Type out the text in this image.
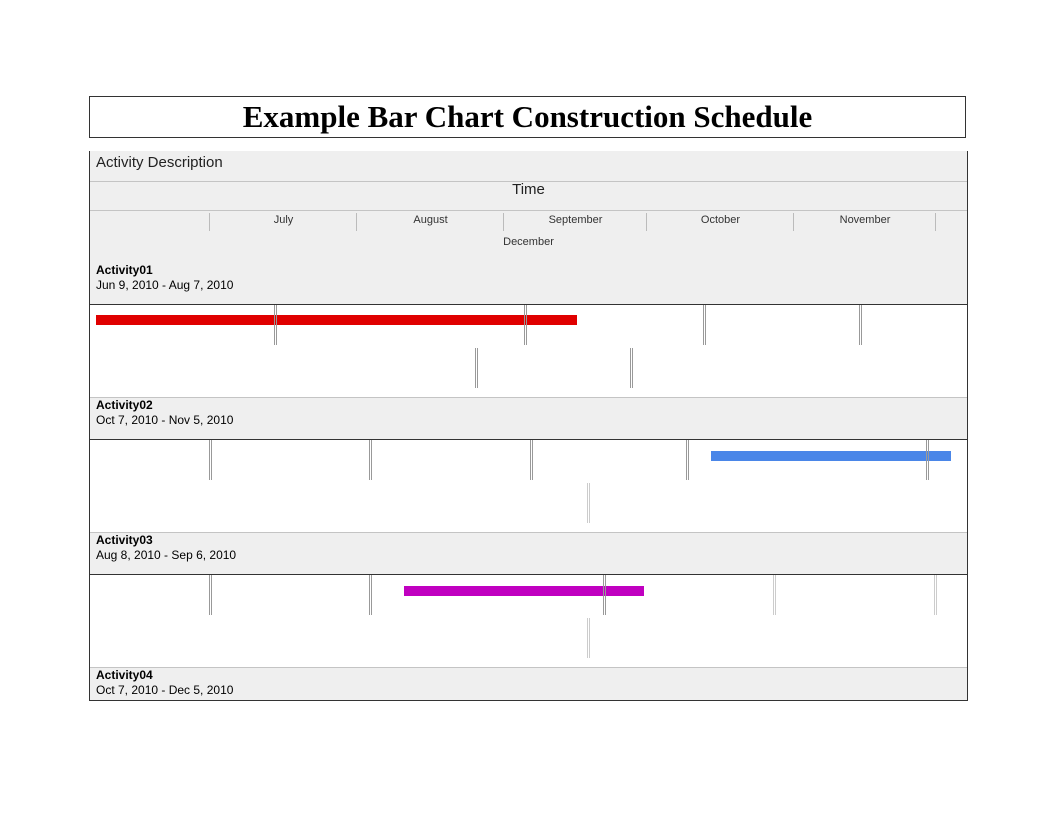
Example Bar Chart Construction Schedule
Activity Description
Time
July	August	September	October	November
December
Activity01
Jun 9, 2010 - Aug 7, 2010
Activity02
Oct 7, 2010 - Nov 5, 2010
Activity03
Aug 8, 2010 - Sep 6, 2010
Activity04
Oct 7, 2010 - Dec 5, 2010
